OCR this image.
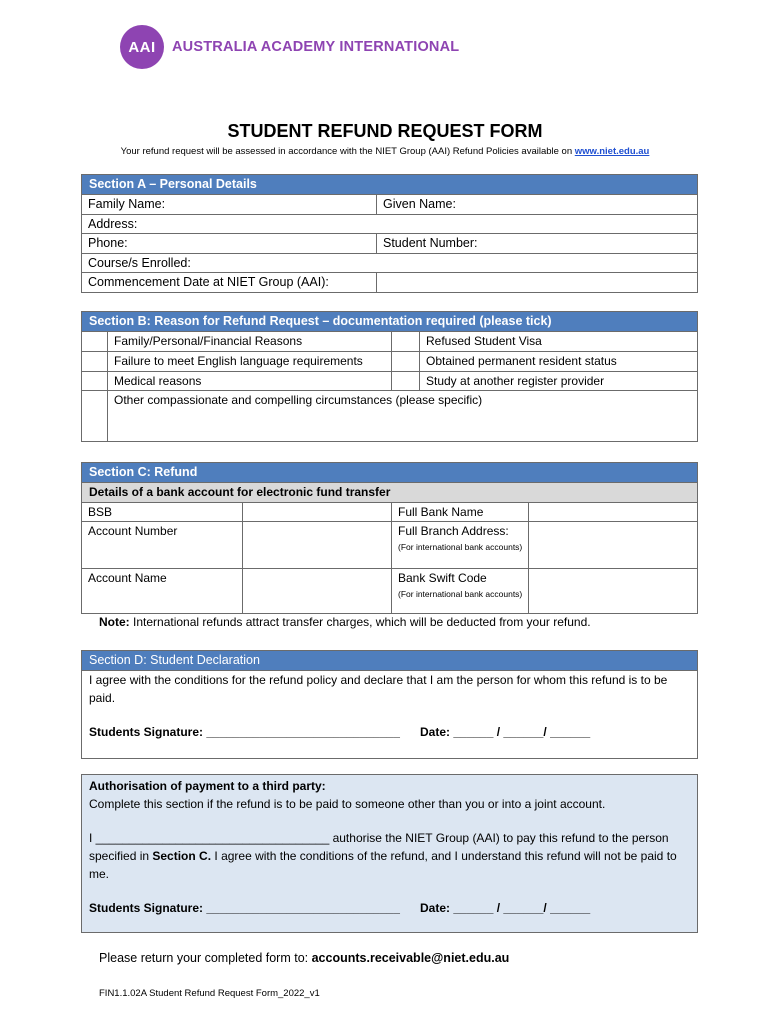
AAI	AUSTRALIA ACADEMY INTERNATIONAL
STUDENT REFUND REQUEST FORM
Your refund request will be assessed in accordance with the NIET Group (AAI) Refund Policies available on www.niet.edu.au
Section A – Personal Details
Family Name:	Given Name:
Address:
Phone:	Student Number:
Course/s Enrolled:
Commencement Date at NIET Group (AAI):
Section B: Reason for Refund Request – documentation required (please tick)
Family/Personal/Financial Reasons	Refused Student Visa
Failure to meet English language requirements	Obtained permanent resident status
Medical reasons	Study at another register provider
Other compassionate and compelling circumstances (please specific)
Section C: Refund
Details of a bank account for electronic fund transfer
BSB	Full Bank Name
Account Number	Full Branch Address:
(For international bank accounts)
Account Name	Bank Swift Code
(For international bank accounts)
Note: International refunds attract transfer charges, which will be deducted from your refund.
Section D: Student Declaration
I agree with the conditions for the refund policy and declare that I am the person for whom this refund is to be paid.
Students Signature: _____________________________	Date: ______ / ______/ ______
Authorisation of payment to a third party:
Complete this section if the refund is to be paid to someone other than you or into a joint account.
I ___________________________________ authorise the NIET Group (AAI) to pay this refund to the person specified in Section C. I agree with the conditions of the refund, and I understand this refund will not be paid to me.
Students Signature: _____________________________	Date: ______ / ______/ ______
Please return your completed form to: accounts.receivable@niet.edu.au
FIN1.1.02A Student Refund Request Form_2022_v1
